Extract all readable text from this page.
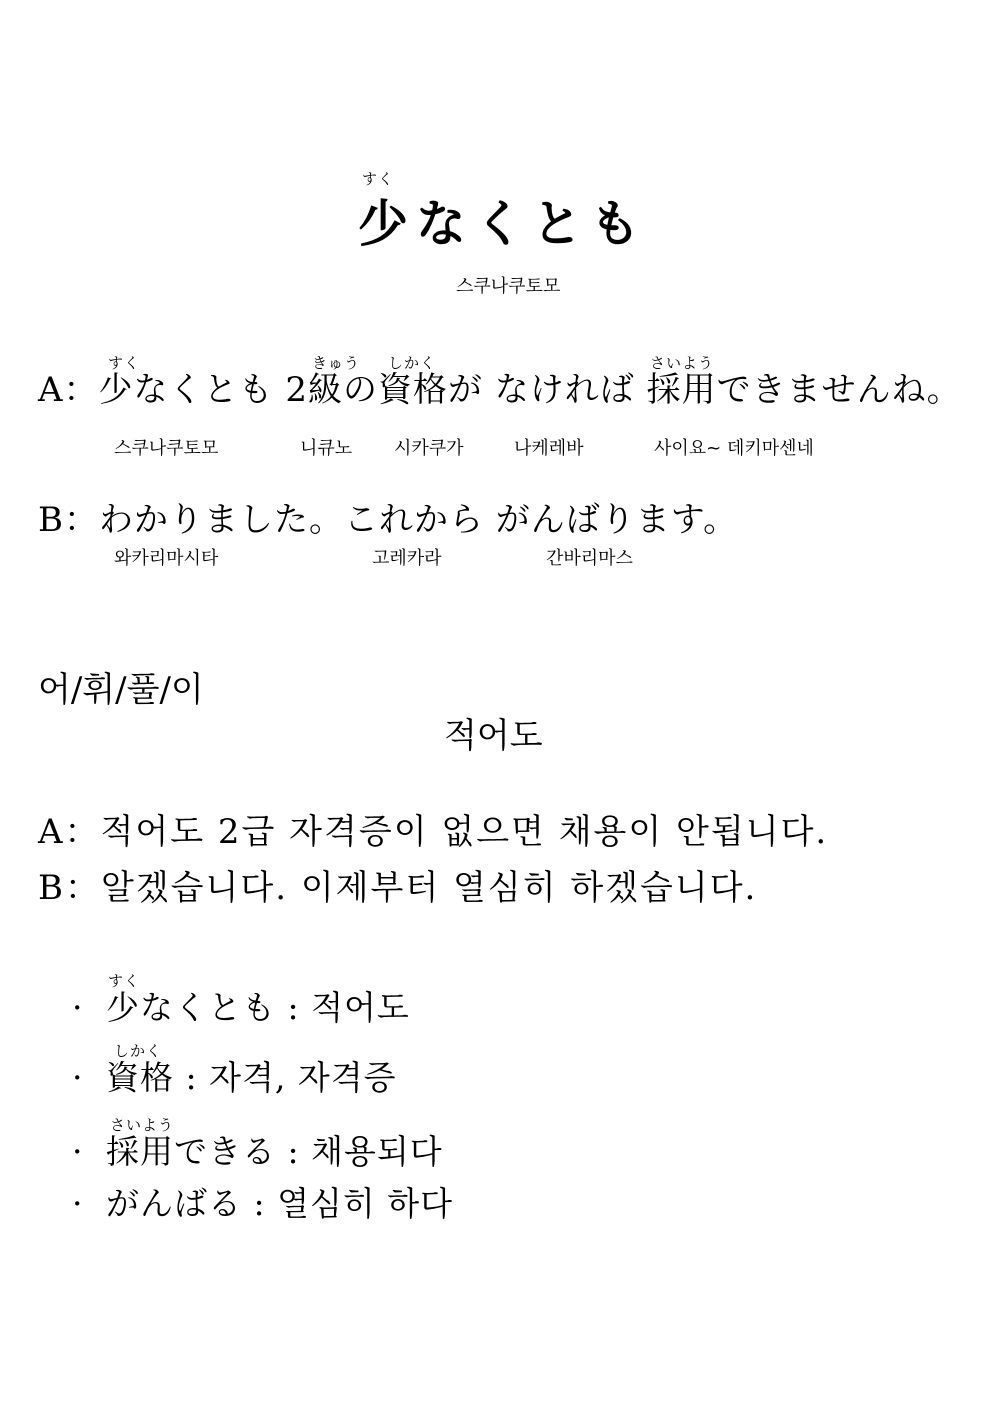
すく
少なくとも
스쿠나쿠토모
すく	きゅう しかく	さいよう
A：少なくとも 2級の資格が なければ 採用できませんね。
스쿠나쿠토모	니큐노 시카쿠가	나케레바	사이요~ 데키마센네
B：わかりました。これから がんばります。
와카리마시타	고레카라	간바리마스
어/휘/풀/이
적어도
A：적어도 2급 자격증이 없으면 채용이 안됩니다.
B：알겠습니다. 이제부터 열심히 하겠습니다.
すく
· 少なくとも : 적어도
しかく
· 資格 : 자격, 자격증
さいよう
· 採用できる : 채용되다
· がんばる : 열심히 하다
